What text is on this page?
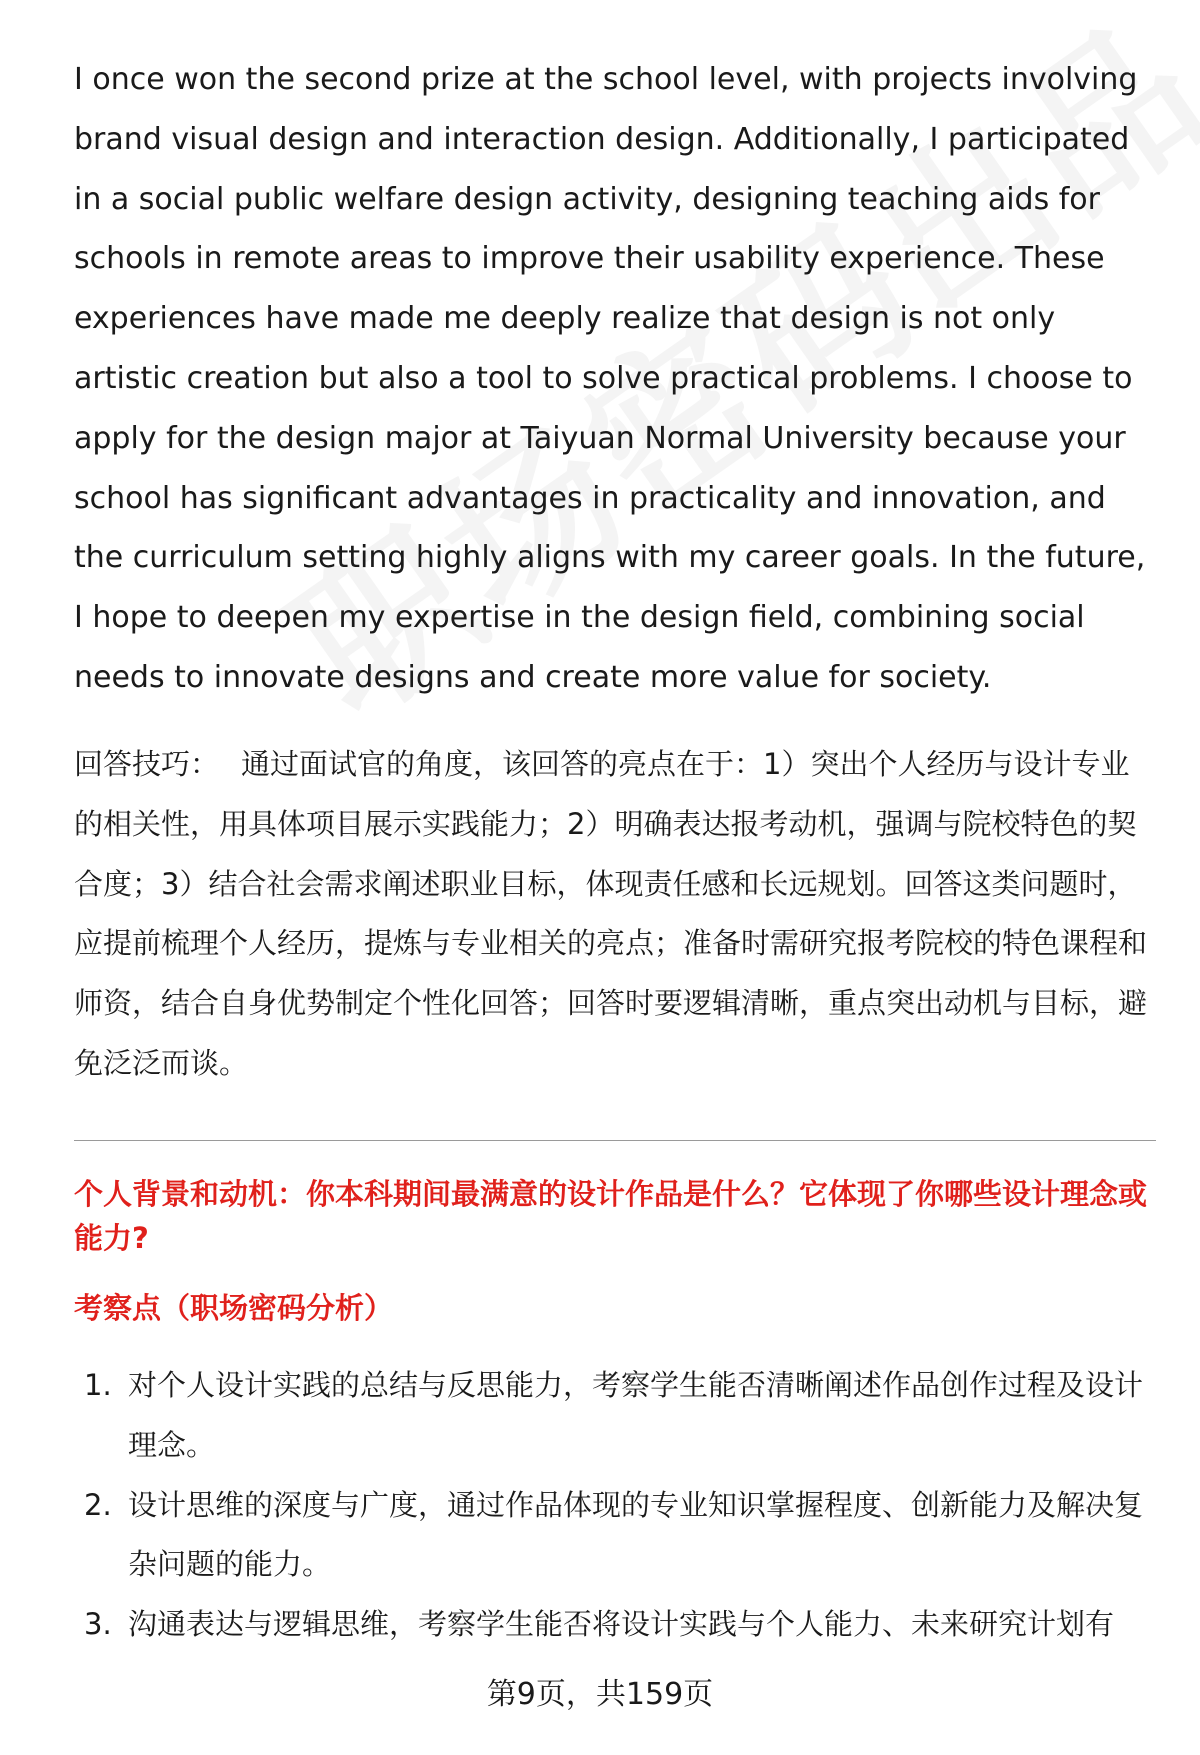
I once won the second prize at the school level, with projects involving brand visual design and interaction design. Additionally, I participated in a social public welfare design activity, designing teaching aids for schools in remote areas to improve their usability experience. These experiences have made me deeply realize that design is not only artistic creation but also a tool to solve practical problems. I choose to apply for the design major at Taiyuan Normal University because your school has significant advantages in practicality and innovation, and the curriculum setting highly aligns with my career goals. In the future, I hope to deepen my expertise in the design field, combining social needs to innovate designs and create more value for society.

回答技巧： 通过面试官的角度，该回答的亮点在于：1）突出个人经历与设计专业的相关性，用具体项目展示实践能力；2）明确表达报考动机，强调与院校特色的契合度；3）结合社会需求阐述职业目标，体现责任感和长远规划。回答这类问题时，应提前梳理个人经历，提炼与专业相关的亮点；准备时需研究报考院校的特色课程和师资，结合自身优势制定个性化回答；回答时要逻辑清晰，重点突出动机与目标，避免泛泛而谈。

个人背景和动机：你本科期间最满意的设计作品是什么？它体现了你哪些设计理念或能力?

考察点（职场密码分析）

1. 对个人设计实践的总结与反思能力，考察学生能否清晰阐述作品创作过程及设计理念。
2. 设计思维的深度与广度，通过作品体现的专业知识掌握程度、创新能力及解决复杂问题的能力。
3. 沟通表达与逻辑思维，考察学生能否将设计实践与个人能力、未来研究计划有

第9页，共159页
